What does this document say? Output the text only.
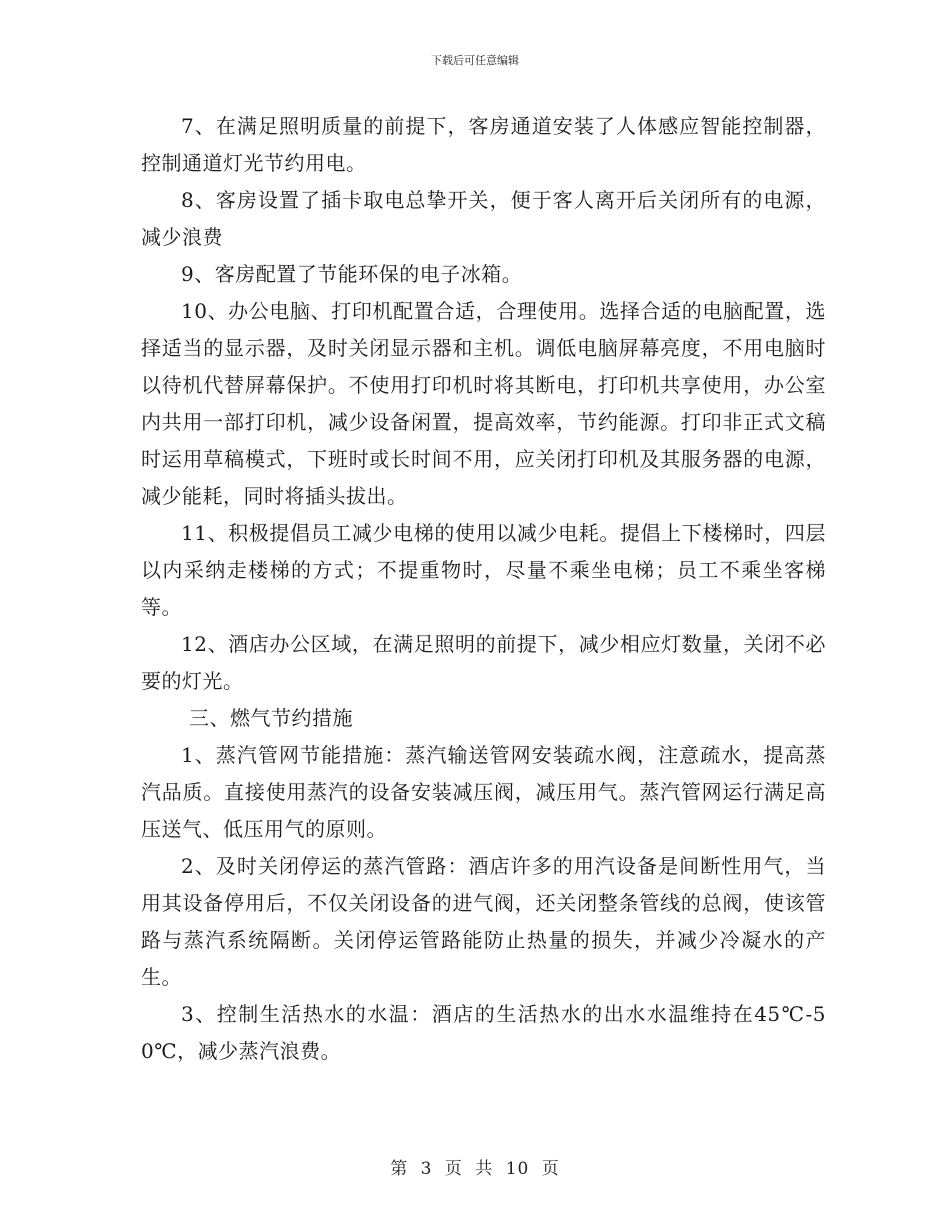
下载后可任意编辑

7、在满足照明质量的前提下，客房通道安装了人体感应智能控制器，控制通道灯光节约用电。

8、客房设置了插卡取电总挚开关，便于客人离开后关闭所有的电源，减少浪费

9、客房配置了节能环保的电子冰箱。

10、办公电脑、打印机配置合适，合理使用。选择合适的电脑配置，选择适当的显示器，及时关闭显示器和主机。调低电脑屏幕亮度，不用电脑时以待机代替屏幕保护。不使用打印机时将其断电，打印机共享使用，办公室内共用一部打印机，减少设备闲置，提高效率，节约能源。打印非正式文稿时运用草稿模式，下班时或长时间不用，应关闭打印机及其服务器的电源，减少能耗，同时将插头拔出。

11、积极提倡员工减少电梯的使用以减少电耗。提倡上下楼梯时，四层以内采纳走楼梯的方式；不提重物时，尽量不乘坐电梯；员工不乘坐客梯等。

12、酒店办公区域，在满足照明的前提下，减少相应灯数量，关闭不必要的灯光。

三、燃气节约措施

1、蒸汽管网节能措施：蒸汽输送管网安装疏水阀，注意疏水，提高蒸汽品质。直接使用蒸汽的设备安装减压阀，减压用气。蒸汽管网运行满足高压送气、低压用气的原则。

2、及时关闭停运的蒸汽管路：酒店许多的用汽设备是间断性用气，当用其设备停用后，不仅关闭设备的进气阀，还关闭整条管线的总阀，使该管路与蒸汽系统隔断。关闭停运管路能防止热量的损失，并减少冷凝水的产生。

3、控制生活热水的水温：酒店的生活热水的出水水温维持在45℃-50℃，减少蒸汽浪费。

第 3 页 共 10 页
